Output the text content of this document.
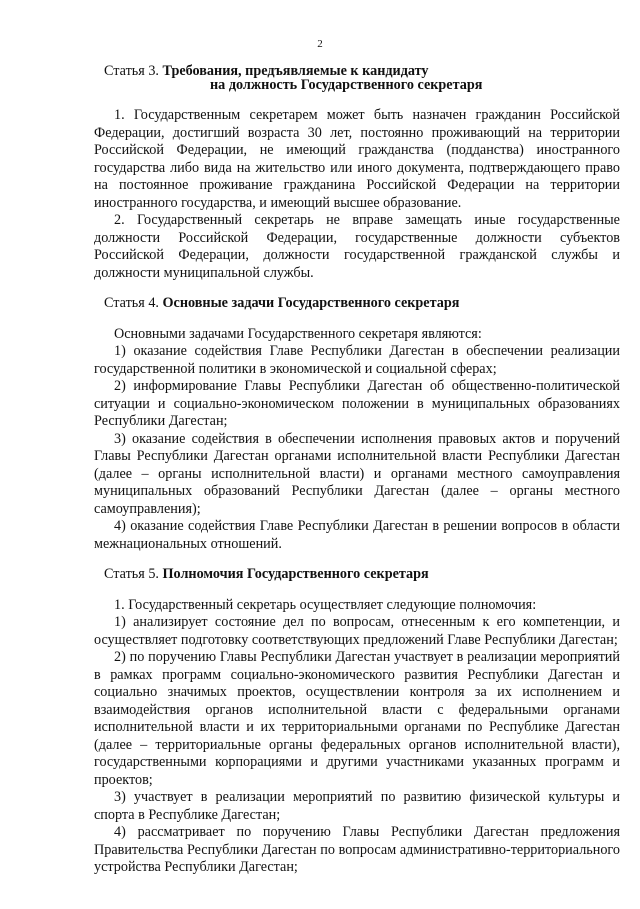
2
Статья 3. Требования, предъявляемые к кандидату
на должность Государственного секретаря

1. Государственным секретарем может быть назначен гражданин Российской Федерации, достигший возраста 30 лет, постоянно проживающий на территории Российской Федерации, не имеющий гражданства (подданства) иностранного государства либо вида на жительство или иного документа, подтверждающего право на постоянное проживание гражданина Российской Федерации на территории иностранного государства, и имеющий высшее образование.

2. Государственный секретарь не вправе замещать иные государственные должности Российской Федерации, государственные должности субъектов Российской Федерации, должности государственной гражданской службы и должности муниципальной службы.

Статья 4. Основные задачи Государственного секретаря

Основными задачами Государственного секретаря являются:

1) оказание содействия Главе Республики Дагестан в обеспечении реализации государственной политики в экономической и социальной сферах;

2) информирование Главы Республики Дагестан об общественно-политической ситуации и социально-экономическом положении в муниципальных образованиях Республики Дагестан;

3) оказание содействия в обеспечении исполнения правовых актов и поручений Главы Республики Дагестан органами исполнительной власти Республики Дагестан (далее – органы исполнительной власти) и органами местного самоуправления муниципальных образований Республики Дагестан (далее – органы местного самоуправления);

4) оказание содействия Главе Республики Дагестан в решении вопросов в области межнациональных отношений.

Статья 5. Полномочия Государственного секретаря

1. Государственный секретарь осуществляет следующие полномочия:

1) анализирует состояние дел по вопросам, отнесенным к его компетенции, и осуществляет подготовку соответствующих предложений Главе Республики Дагестан;

2) по поручению Главы Республики Дагестан участвует в реализации мероприятий в рамках программ социально-экономического развития Республики Дагестан и социально значимых проектов, осуществлении контроля за их исполнением и взаимодействия органов исполнительной власти с федеральными органами исполнительной власти и их территориальными органами по Республике Дагестан (далее – территориальные органы федеральных органов исполнительной власти), государственными корпорациями и другими участниками указанных программ и проектов;

3) участвует в реализации мероприятий по развитию физической культуры и спорта в Республике Дагестан;

4) рассматривает по поручению Главы Республики Дагестан предложения Правительства Республики Дагестан по вопросам административно-территориального устройства Республики Дагестан;
